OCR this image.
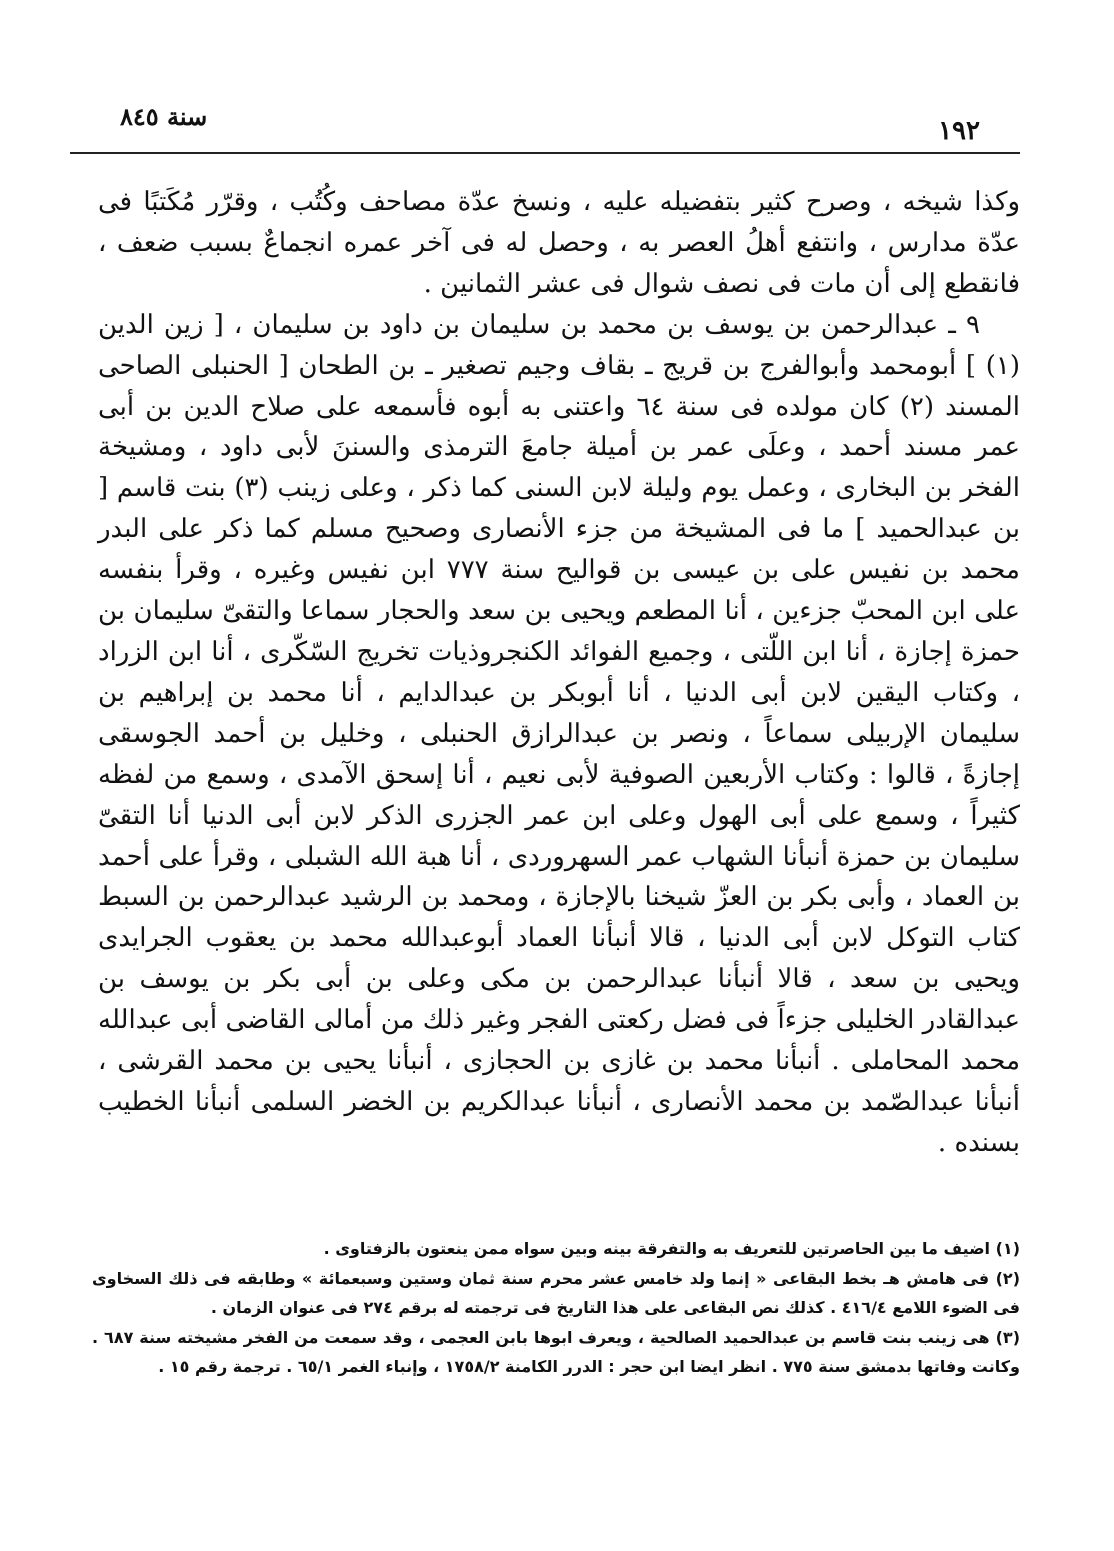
١٩٢
سنة ٨٤٥

وكذا شيخه ، وصرح كثير بتفضيله عليه ، ونسخ عدّة مصاحف وكُتُب ، وقرّر مُكَتبًا فى عدّة مدارس ، وانتفع أهلُ العصر به ، وحصل له فى آخر عمره انجماعٌ بسبب ضعف ، فانقطع إلى أن مات فى نصف شوال فى عشر الثمانين .

٩ ـ عبدالرحمن بن يوسف بن محمد بن سليمان بن داود بن سليمان ، [ زين الدين (١) ] أبومحمد وأبوالفرج بن قريج ـ بقاف وجيم تصغير ـ بن الطحان [ الحنبلى الصاحى المسند (٢) كان مولده فى سنة ٦٤ واعتنى به أبوه فأسمعه على صلاح الدين بن أبى عمر مسند أحمد ، وعلَى عمر بن أميلة جامعَ الترمذى والسننَ لأبى داود ، ومشيخة الفخر بن البخارى ، وعمل يوم وليلة لابن السنى كما ذكر ، وعلى زينب (٣) بنت قاسم [ بن عبدالحميد ] ما فى المشيخة من جزء الأنصارى وصحيح مسلم كما ذكر على البدر محمد بن نفيس على بن عيسى بن قواليح سنة ٧٧٧ ابن نفيس وغيره ، وقرأ بنفسه على ابن المحبّ جزءين ، أنا المطعم ويحيى بن سعد والحجار سماعا والتقىّ سليمان بن حمزة إجازة ، أنا ابن اللّتى ، وجميع الفوائد الكنجروذيات تخريج السّكّرى ، أنا ابن الزراد ، وكتاب اليقين لابن أبى الدنيا ، أنا أبوبكر بن عبدالدايم ، أنا محمد بن إبراهيم بن سليمان الإربيلى سماعاً ، ونصر بن عبدالرازق الحنبلى ، وخليل بن أحمد الجوسقى إجازةً ، قالوا : وكتاب الأربعين الصوفية لأبى نعيم ، أنا إسحق الآمدى ، وسمع من لفظه كثيراً ، وسمع على أبى الهول وعلى ابن عمر الجزرى الذكر لابن أبى الدنيا أنا التقىّ سليمان بن حمزة أنبأنا الشهاب عمر السهروردى ، أنا هبة الله الشبلى ، وقرأ على أحمد بن العماد ، وأبى بكر بن العزّ شيخنا بالإجازة ، ومحمد بن الرشيد عبدالرحمن بن السبط كتاب التوكل لابن أبى الدنيا ، قالا أنبأنا العماد أبوعبدالله محمد بن يعقوب الجرايدى ويحيى بن سعد ، قالا أنبأنا عبدالرحمن بن مكى وعلى بن أبى بكر بن يوسف بن عبدالقادر الخليلى جزءاً فى فضل ركعتى الفجر وغير ذلك من أمالى القاضى أبى عبدالله محمد المحاملى . أنبأنا محمد بن غازى بن الحجازى ، أنبأنا يحيى بن محمد القرشى ، أنبأنا عبدالصّمد بن محمد الأنصارى ، أنبأنا عبدالكريم بن الخضر السلمى أنبأنا الخطيب بسنده .

(١) اضيف ما بين الحاصرتين للتعريف به والتفرقة بينه وبين سواه ممن ينعتون بالزفتاوى .

(٢) فى هامش هـ بخط البقاعى « إنما ولد خامس عشر محرم سنة ثمان وستين وسبعمائة » وطابقه فى ذلك السخاوى فى الضوء اللامع ٤١٦/٤ . كذلك نص البقاعى على هذا التاريخ فى ترجمته له برقم ٢٧٤ فى عنوان الزمان .

(٣) هى زينب بنت قاسم بن عبدالحميد الصالحية ، ويعرف ابوها بابن العجمى ، وقد سمعت من الفخر مشيخته سنة ٦٨٧ . وكانت وفاتها بدمشق سنة ٧٧٥ . انظر ايضا ابن حجر : الدرر الكامنة ١٧٥٨/٢ ، وإنباء الغمر ٦٥/١ . ترجمة رقم ١٥ .
